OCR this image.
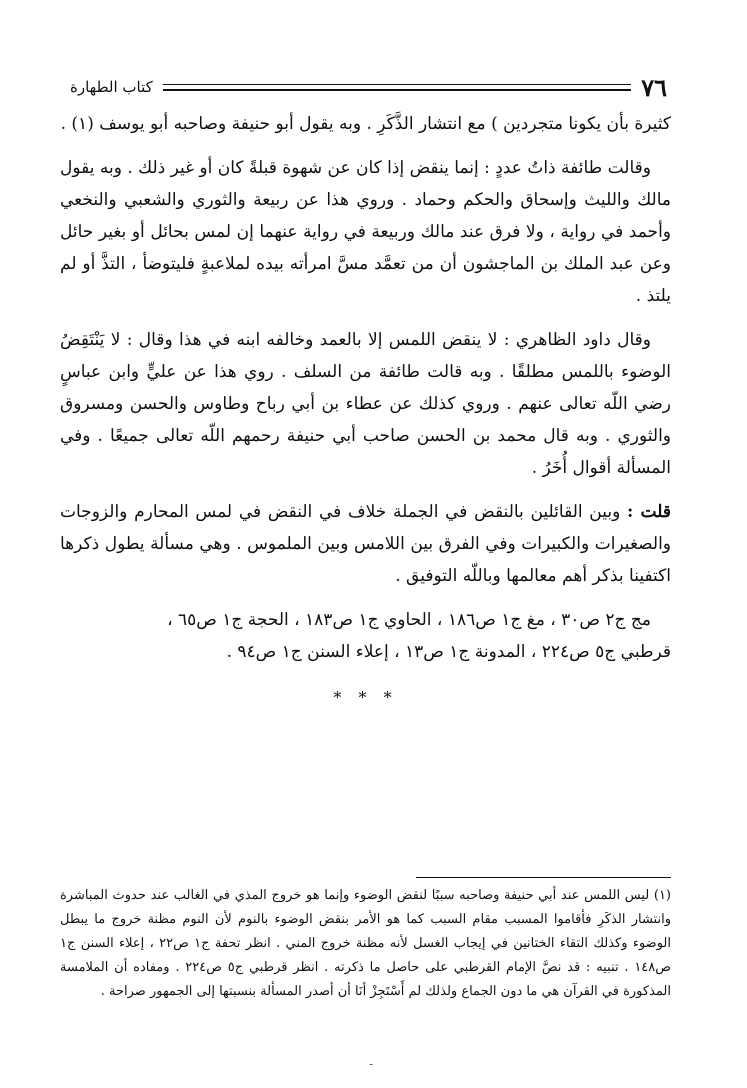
٧٦
كتاب الطهارة

كثيرة بأن يكونا متجردين ) مع انتشار الذَّكَرِ . وبه يقول أبو حنيفة وصاحبه أبو يوسف (١) .

وقالت طائفة ذاتُ عددٍ : إنما ينقض إذا كان عن شهوة قبلةً كان أو غير ذلك . وبه يقول مالك والليث وإسحاق والحكم وحماد . وروي هذا عن ربيعة والثوري والشعبي والنخعي وأحمد في رواية ، ولا فرق عند مالك وربيعة في رواية عنهما إن لمس بحائل أو بغير حائل وعن عبد الملك بن الماجشون أن من تعمَّد مسَّ امرأته بيده لملاعبةٍ فليتوضأ ، التذَّ أو لم يلتذ .

وقال داود الظاهري : لا ينقض اللمس إلا بالعمد وخالفه ابنه في هذا وقال : لا يَنْتَقِضُ الوضوء باللمس مطلقًا . وبه قالت طائفة من السلف . روي هذا عن عليٍّ وابن عباسٍ رضي اللّه تعالى عنهم . وروي كذلك عن عطاء بن أبي رباح وطاوس والحسن ومسروق والثوري . وبه قال محمد بن الحسن صاحب أبي حنيفة رحمهم اللّه تعالى جميعًا . وفي المسألة أقوال أُخَرُ .

قلت : وبين القائلين بالنقض في الجملة خلاف في النقض في لمس المحارم والزوجات والصغيرات والكبيرات وفي الفرق بين اللامس وبين الملموس . وهي مسألة يطول ذكرها اكتفينا بذكر أهم معالمها وباللّه التوفيق .

مج ج٢ ص٣٠ ، مغ ج١ ص١٨٦ ، الحاوي ج١ ص١٨٣ ، الحجة ج١ ص٦٥ ،
قرطبي ج٥ ص٢٢٤ ، المدونة ج١ ص١٣ ، إعلاء السنن ج١ ص٩٤ .
* * *

(١) ليس اللمس عند أبي حنيفة وصاحبه سببًا لنقض الوضوء وإنما هو خروج المذي في الغالب عند حدوث المباشرة وانتشار الذكَرِ فأقاموا المسبب مقام السبب كما هو الأمر بنقض الوضوء بالنوم لأن النوم مظنة خروج ما يبطل الوضوء وكذلك التقاء الختانين في إيجاب الغسل لأنه مظنة خروج المني . انظر تحفة ج١ ص٢٢ ، إعلاء السنن ج١ ص١٤٨ . تنبيه : قد نصَّ الإمام القرطبي على حاصل ما ذكرته . انظر قرطبي ج٥ ص٢٢٤ . ومفاده أن الملامسة المذكورة في القرآن هي ما دون الجماع ولذلك لم أَسْتَجِزْ أنَا أن أصدر المسألة بنسبتها إلى الجمهور صراحة .

ـ
